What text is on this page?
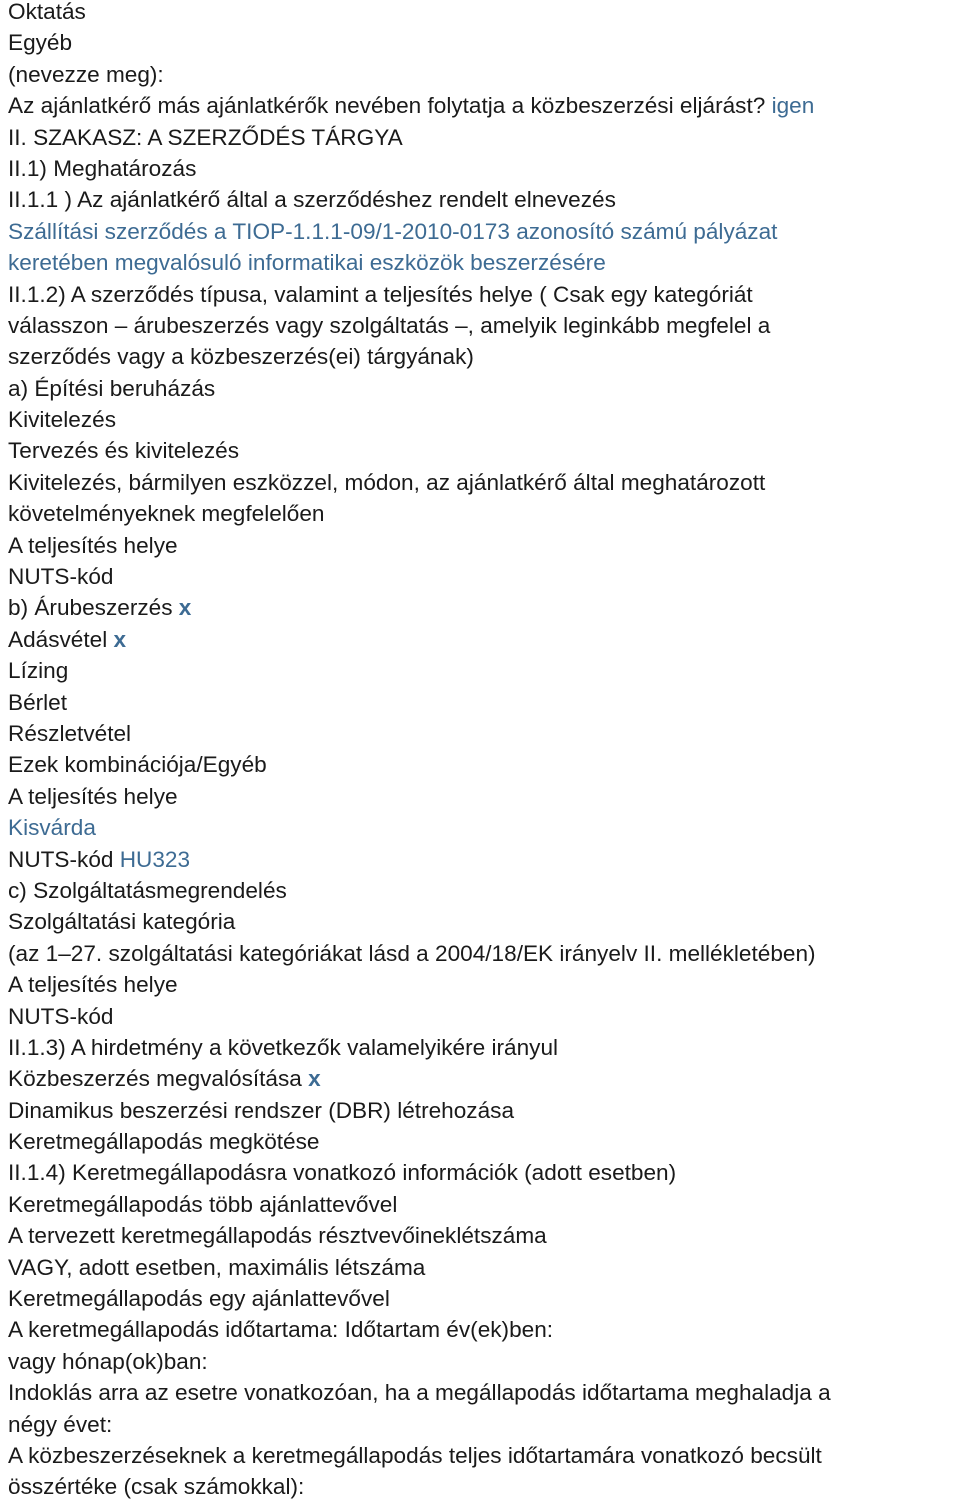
Oktatás
Egyéb
(nevezze meg):
Az ajánlatkérő más ajánlatkérők nevében folytatja a közbeszerzési eljárást? igen
II. SZAKASZ: A SZERZŐDÉS TÁRGYA
II.1) Meghatározás
II.1.1 ) Az ajánlatkérő által a szerződéshez rendelt elnevezés
Szállítási szerződés a TIOP-1.1.1-09/1-2010-0173 azonosító számú pályázat
keretében megvalósuló informatikai eszközök beszerzésére
II.1.2) A szerződés típusa, valamint a teljesítés helye ( Csak egy kategóriát
válasszon – árubeszerzés vagy szolgáltatás –, amelyik leginkább megfelel a
szerződés vagy a közbeszerzés(ei) tárgyának)
a) Építési beruházás
Kivitelezés
Tervezés és kivitelezés
Kivitelezés, bármilyen eszközzel, módon, az ajánlatkérő által meghatározott
követelményeknek megfelelően
A teljesítés helye
NUTS-kód
b) Árubeszerzés x
Adásvétel x
Lízing
Bérlet
Részletvétel
Ezek kombinációja/Egyéb
A teljesítés helye
Kisvárda
NUTS-kód HU323
c) Szolgáltatásmegrendelés
Szolgáltatási kategória
(az 1–27. szolgáltatási kategóriákat lásd a 2004/18/EK irányelv II. mellékletében)
A teljesítés helye
NUTS-kód
II.1.3) A hirdetmény a következők valamelyikére irányul
Közbeszerzés megvalósítása x
Dinamikus beszerzési rendszer (DBR) létrehozása
Keretmegállapodás megkötése
II.1.4) Keretmegállapodásra vonatkozó információk (adott esetben)
Keretmegállapodás több ajánlattevővel
A tervezett keretmegállapodás résztvevőineklétszáma
VAGY, adott esetben, maximális létszáma
Keretmegállapodás egy ajánlattevővel
A keretmegállapodás időtartama: Időtartam év(ek)ben:
vagy hónap(ok)ban:
Indoklás arra az esetre vonatkozóan, ha a megállapodás időtartama meghaladja a
négy évet:
A közbeszerzéseknek a keretmegállapodás teljes időtartamára vonatkozó becsült
összértéke (csak számokkal):
